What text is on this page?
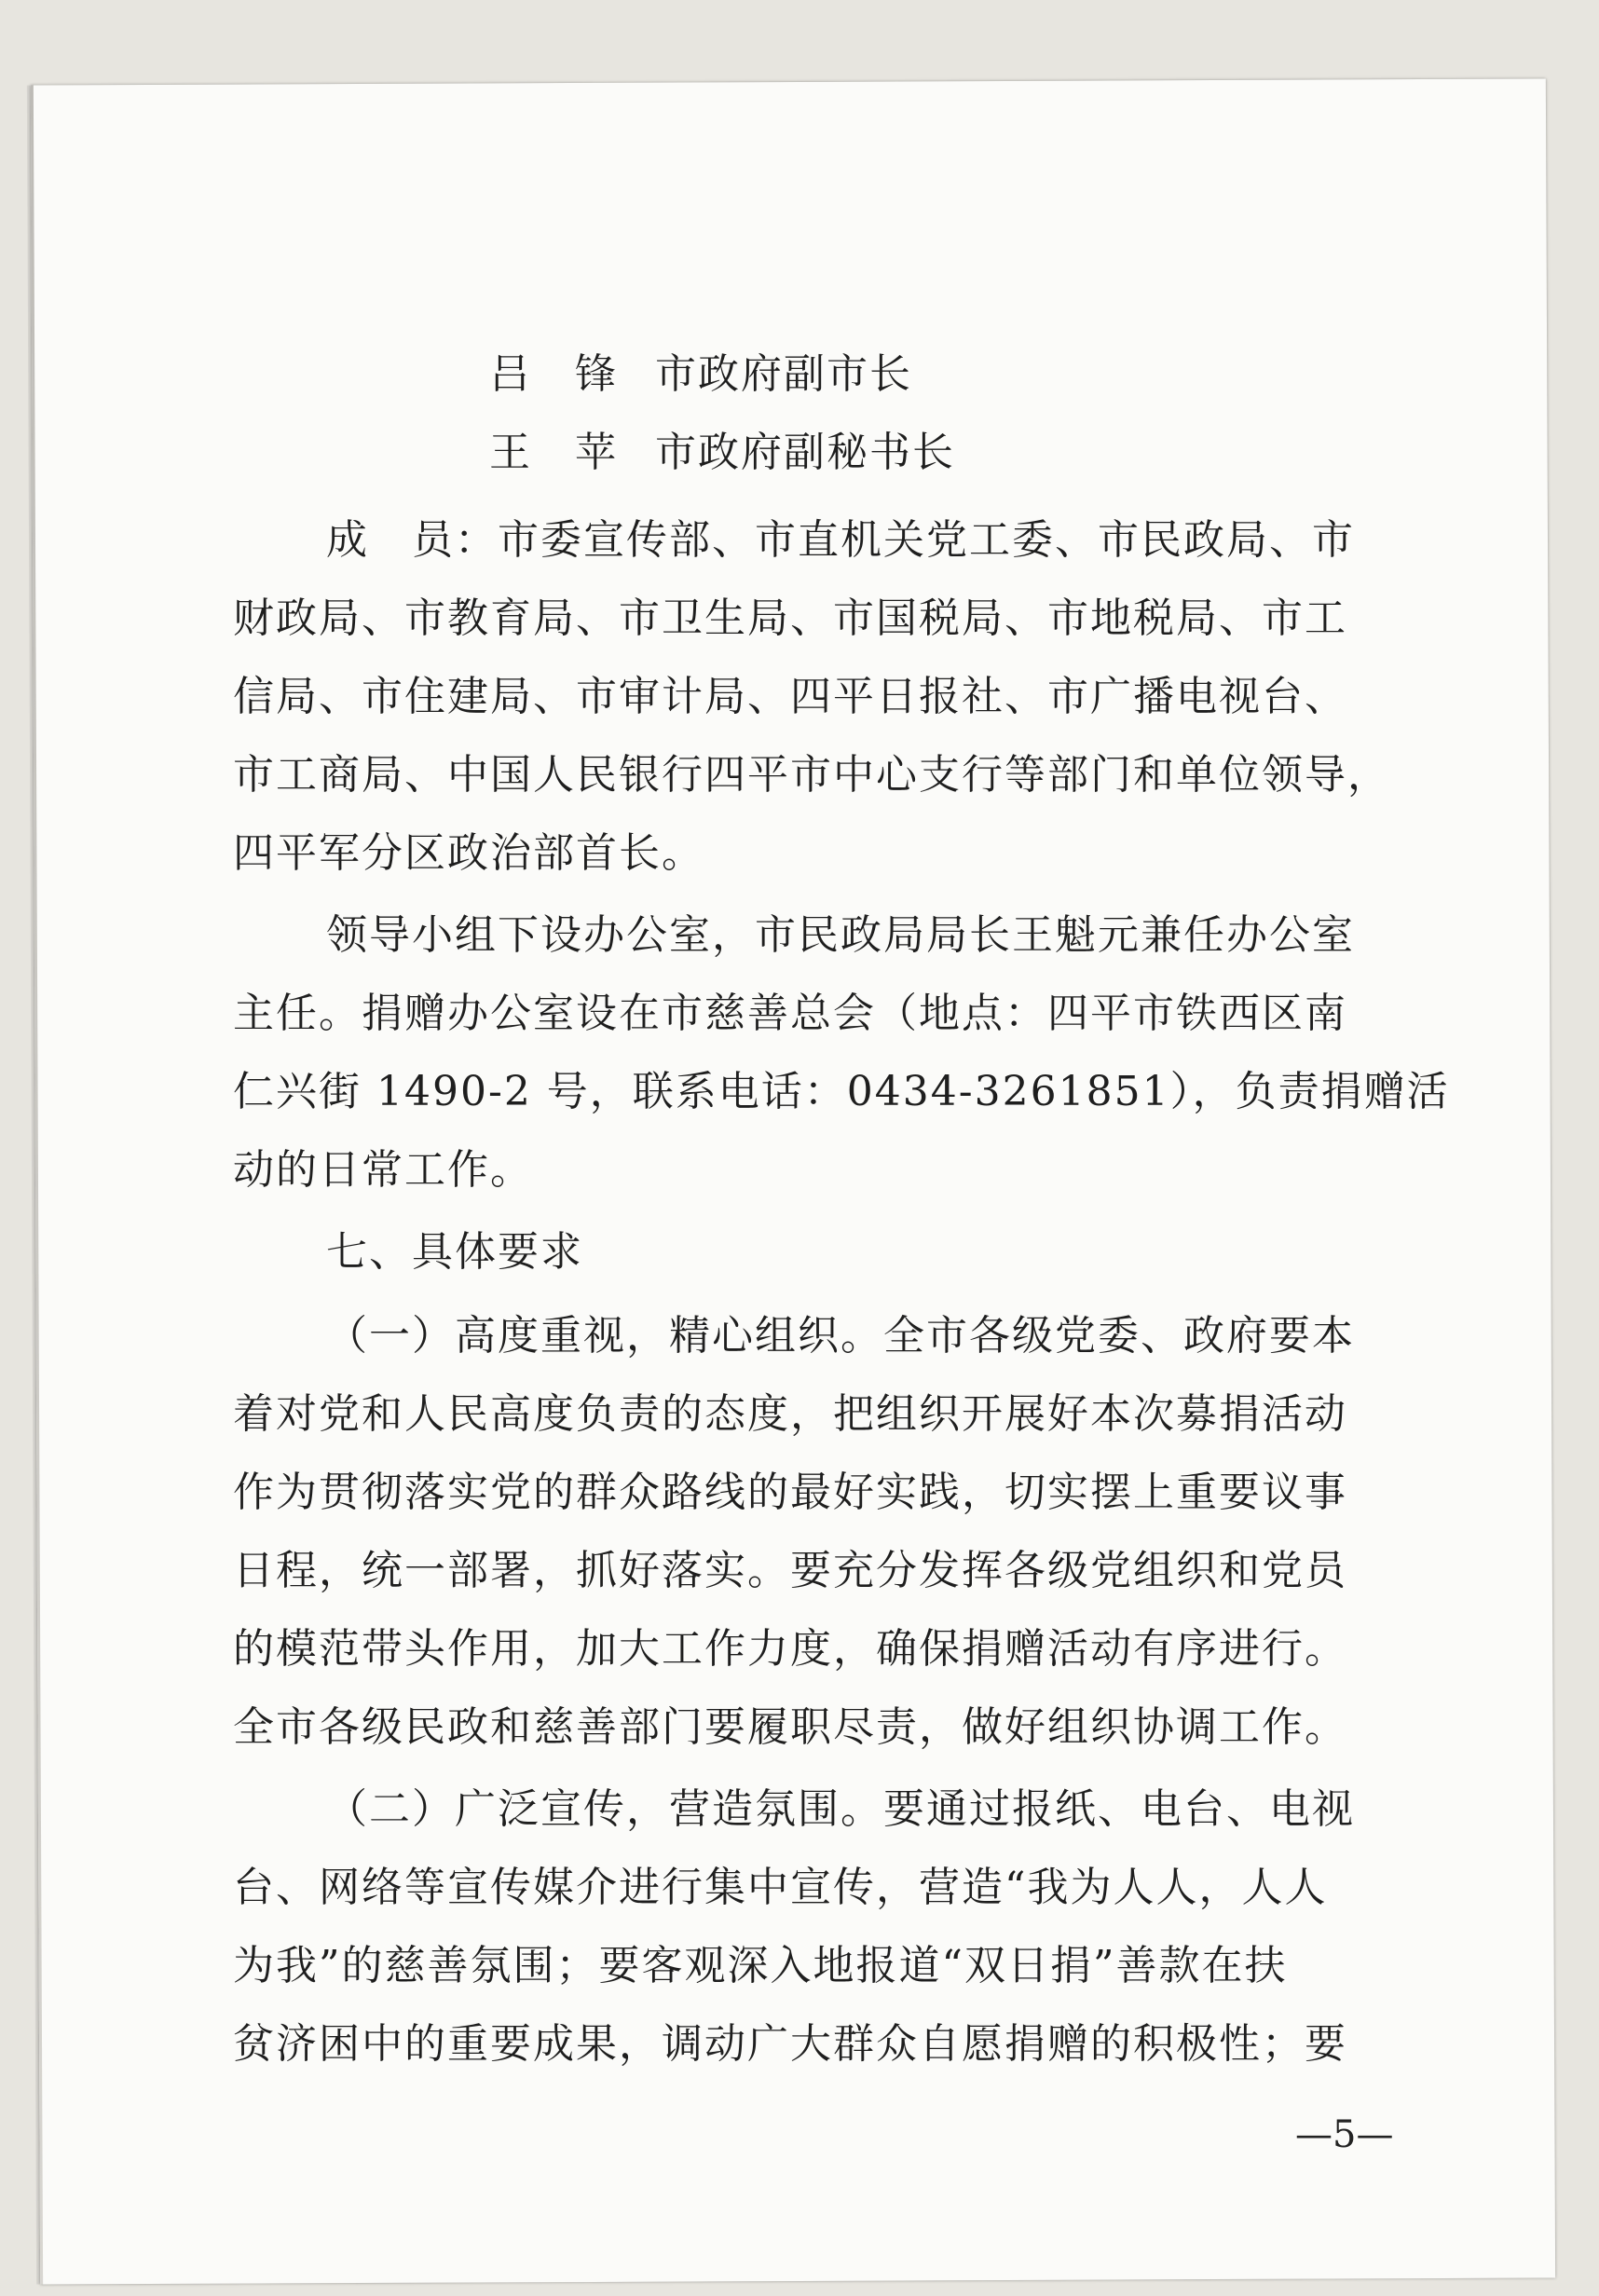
吕　锋 市政府副市长
王　苹 市政府副秘书长
成　员：市委宣传部、市直机关党工委、市民政局、市
财政局、市教育局、市卫生局、市国税局、市地税局、市工
信局、市住建局、市审计局、四平日报社、市广播电视台、
市工商局、中国人民银行四平市中心支行等部门和单位领导，
四平军分区政治部首长。
领导小组下设办公室，市民政局局长王魁元兼任办公室
主任。捐赠办公室设在市慈善总会（地点：四平市铁西区南
仁兴街 1490-2 号，联系电话：0434-3261851），负责捐赠活
动的日常工作。
七、具体要求
（一）高度重视，精心组织。全市各级党委、政府要本
着对党和人民高度负责的态度，把组织开展好本次募捐活动
作为贯彻落实党的群众路线的最好实践，切实摆上重要议事
日程，统一部署，抓好落实。要充分发挥各级党组织和党员
的模范带头作用，加大工作力度，确保捐赠活动有序进行。
全市各级民政和慈善部门要履职尽责，做好组织协调工作。
（二）广泛宣传，营造氛围。要通过报纸、电台、电视
台、网络等宣传媒介进行集中宣传，营造“我为人人，人人
为我”的慈善氛围；要客观深入地报道“双日捐”善款在扶
贫济困中的重要成果，调动广大群众自愿捐赠的积极性；要
—5—
